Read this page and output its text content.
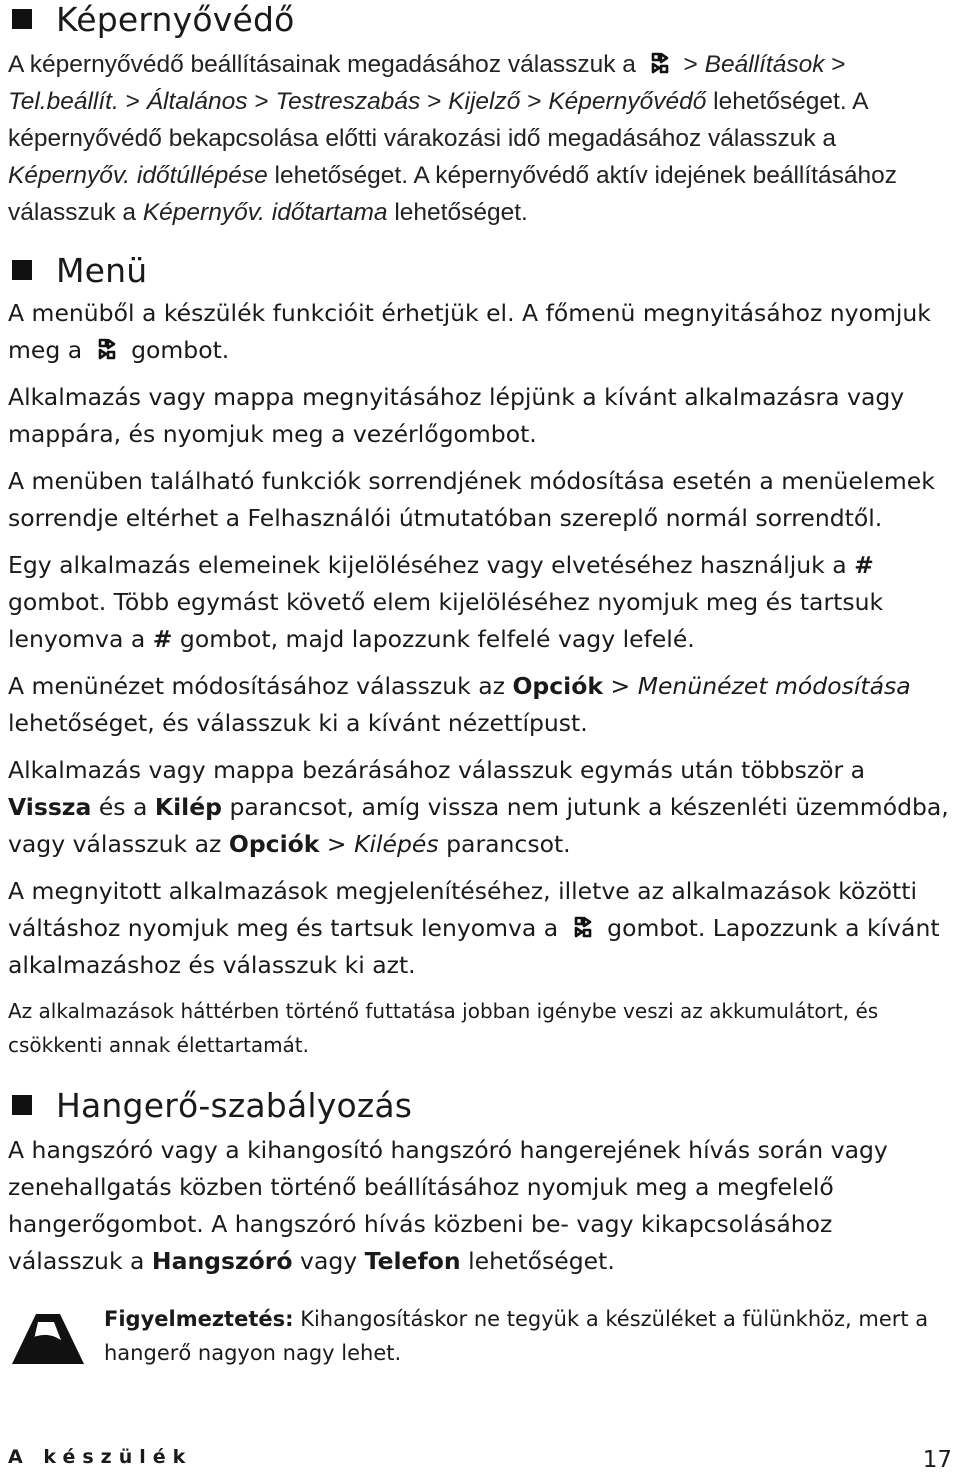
Képernyővédő

A képernyővédő beállításainak megadásához válasszuk a > Beállítások > Tel.beállít. > Általános > Testreszabás > Kijelző > Képernyővédő lehetőséget. A képernyővédő bekapcsolása előtti várakozási idő megadásához válasszuk a Képernyőv. időtúllépése lehetőséget. A képernyővédő aktív idejének beállításához válasszuk a Képernyőv. időtartama lehetőséget.

Menü

A menüből a készülék funkcióit érhetjük el. A főmenü megnyitásához nyomjuk meg a gombot.

Alkalmazás vagy mappa megnyitásához lépjünk a kívánt alkalmazásra vagy mappára, és nyomjuk meg a vezérlőgombot.

A menüben található funkciók sorrendjének módosítása esetén a menüelemek sorrendje eltérhet a Felhasználói útmutatóban szereplő normál sorrendtől.

Egy alkalmazás elemeinek kijelöléséhez vagy elvetéséhez használjuk a # gombot. Több egymást követő elem kijelöléséhez nyomjuk meg és tartsuk lenyomva a # gombot, majd lapozzunk felfelé vagy lefelé.

A menünézet módosításához válasszuk az Opciók > Menünézet módosítása lehetőséget, és válasszuk ki a kívánt nézettípust.

Alkalmazás vagy mappa bezárásához válasszuk egymás után többször a Vissza és a Kilép parancsot, amíg vissza nem jutunk a készenléti üzemmódba, vagy válasszuk az Opciók > Kilépés parancsot.

A megnyitott alkalmazások megjelenítéséhez, illetve az alkalmazások közötti váltáshoz nyomjuk meg és tartsuk lenyomva a gombot. Lapozzunk a kívánt alkalmazáshoz és válasszuk ki azt.

Az alkalmazások háttérben történő futtatása jobban igénybe veszi az akkumulátort, és csökkenti annak élettartamát.

Hangerő-szabályozás

A hangszóró vagy a kihangosító hangszóró hangerejének hívás során vagy zenehallgatás közben történő beállításához nyomjuk meg a megfelelő hangerőgombot. A hangszóró hívás közbeni be- vagy kikapcsolásához válasszuk a Hangszóró vagy Telefon lehetőséget.

Figyelmeztetés: Kihangosításkor ne tegyük a készüléket a fülünkhöz, mert a hangerő nagyon nagy lehet.

A készülék	17
